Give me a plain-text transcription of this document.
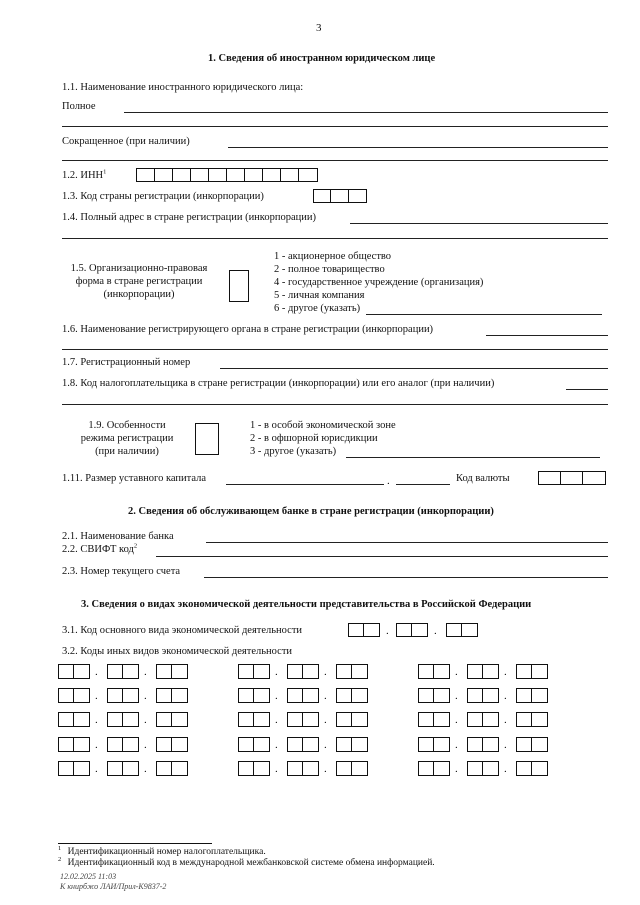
3
1. Сведения об иностранном юридическом лице
1.1. Наименование иностранного юридического лица:
Полное
Сокращенное (при наличии)
1.2. ИНН$^1$
1.3. Код страны регистрации (инкорпорации)
1.4. Полный адрес в стране регистрации (инкорпорации)
1.5. Организационно-правовая
форма в стране регистрации
(инкорпорации)
1 - акционерное общество
2 - полное товарищество
4 - государственное учреждение (организация)
5 - личная компания
6 - другое (указать)
1.6. Наименование регистрирующего органа в стране регистрации (инкорпорации)
1.7. Регистрационный номер
1.8. Код налогоплательщика в стране регистрации (инкорпорации) или его аналог (при наличии)
1.9. Особенности
режима регистрации
(при наличии)
1 - в особой экономической зоне
2 - в офшорной юрисдикции
3 - другое (указать)
1.11. Размер уставного капитала	.	Код валюты
2. Сведения об обслуживающем банке в стране регистрации (инкорпорации)
2.1. Наименование банка
2.2. СВИФТ код$^2$
2.3. Номер текущего счета
3. Сведения о видах экономической деятельности представительства в Российской Федерации
3.1. Код основного вида экономической деятельности	.	.
3.2. Коды иных видов экономической деятельности
.	.	.	.	.	.
.	.	.	.	.	.
.	.	.	.	.	.
.	.	.	.	.	.
.	.	.	.	.	.
$^1$ Идентификационный номер налогоплательщика.
$^2$ Идентификационный код в международной межбанковской системе обмена информацией.
12.02.2025 11:03
К книрбжо ЛАИ/Прил-К9837-2
